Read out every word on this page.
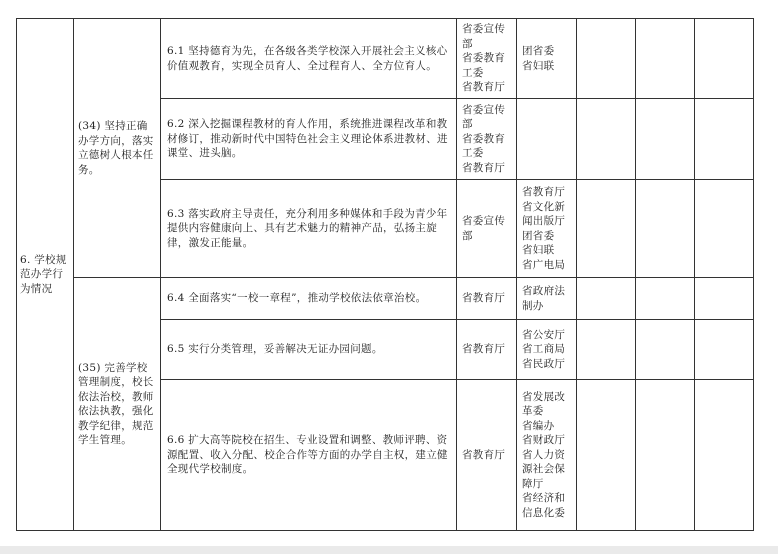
6. 学校规范办学行为情况	(34) 坚持正确办学方向，落实立德树人根本任务。	6.1 坚持德育为先，在各级各类学校深入开展社会主义核心价值观教育，实现全员育人、全过程育人、全方位育人。	省委宣传部
省委教育工委
省教育厅	团省委
省妇联			

		6.2 深入挖掘课程教材的育人作用，系统推进课程改革和教材修订，推动新时代中国特色社会主义理论体系进教材、进课堂、进头脑。	省委宣传部
省委教育工委
省教育厅				

		6.3 落实政府主导责任，充分利用多种媒体和手段为青少年提供内容健康向上、具有艺术魅力的精神产品，弘扬主旋律，激发正能量。	省委宣传部	省教育厅
省文化新闻出版厅
团省委
省妇联
省广电局			

	(35) 完善学校管理制度，校长依法治校，教师依法执教，强化教学纪律，规范学生管理。	6.4 全面落实“一校一章程”，推动学校依法依章治校。	省教育厅	省政府法制办			

		6.5 实行分类管理，妥善解决无证办园问题。	省教育厅	省公安厅
省工商局
省民政厅			

		6.6 扩大高等院校在招生、专业设置和调整、教师评聘、资源配置、收入分配、校企合作等方面的办学自主权，建立健全现代学校制度。	省教育厅	省发展改革委
省编办
省财政厅
省人力资源社会保障厅
省经济和信息化委			
